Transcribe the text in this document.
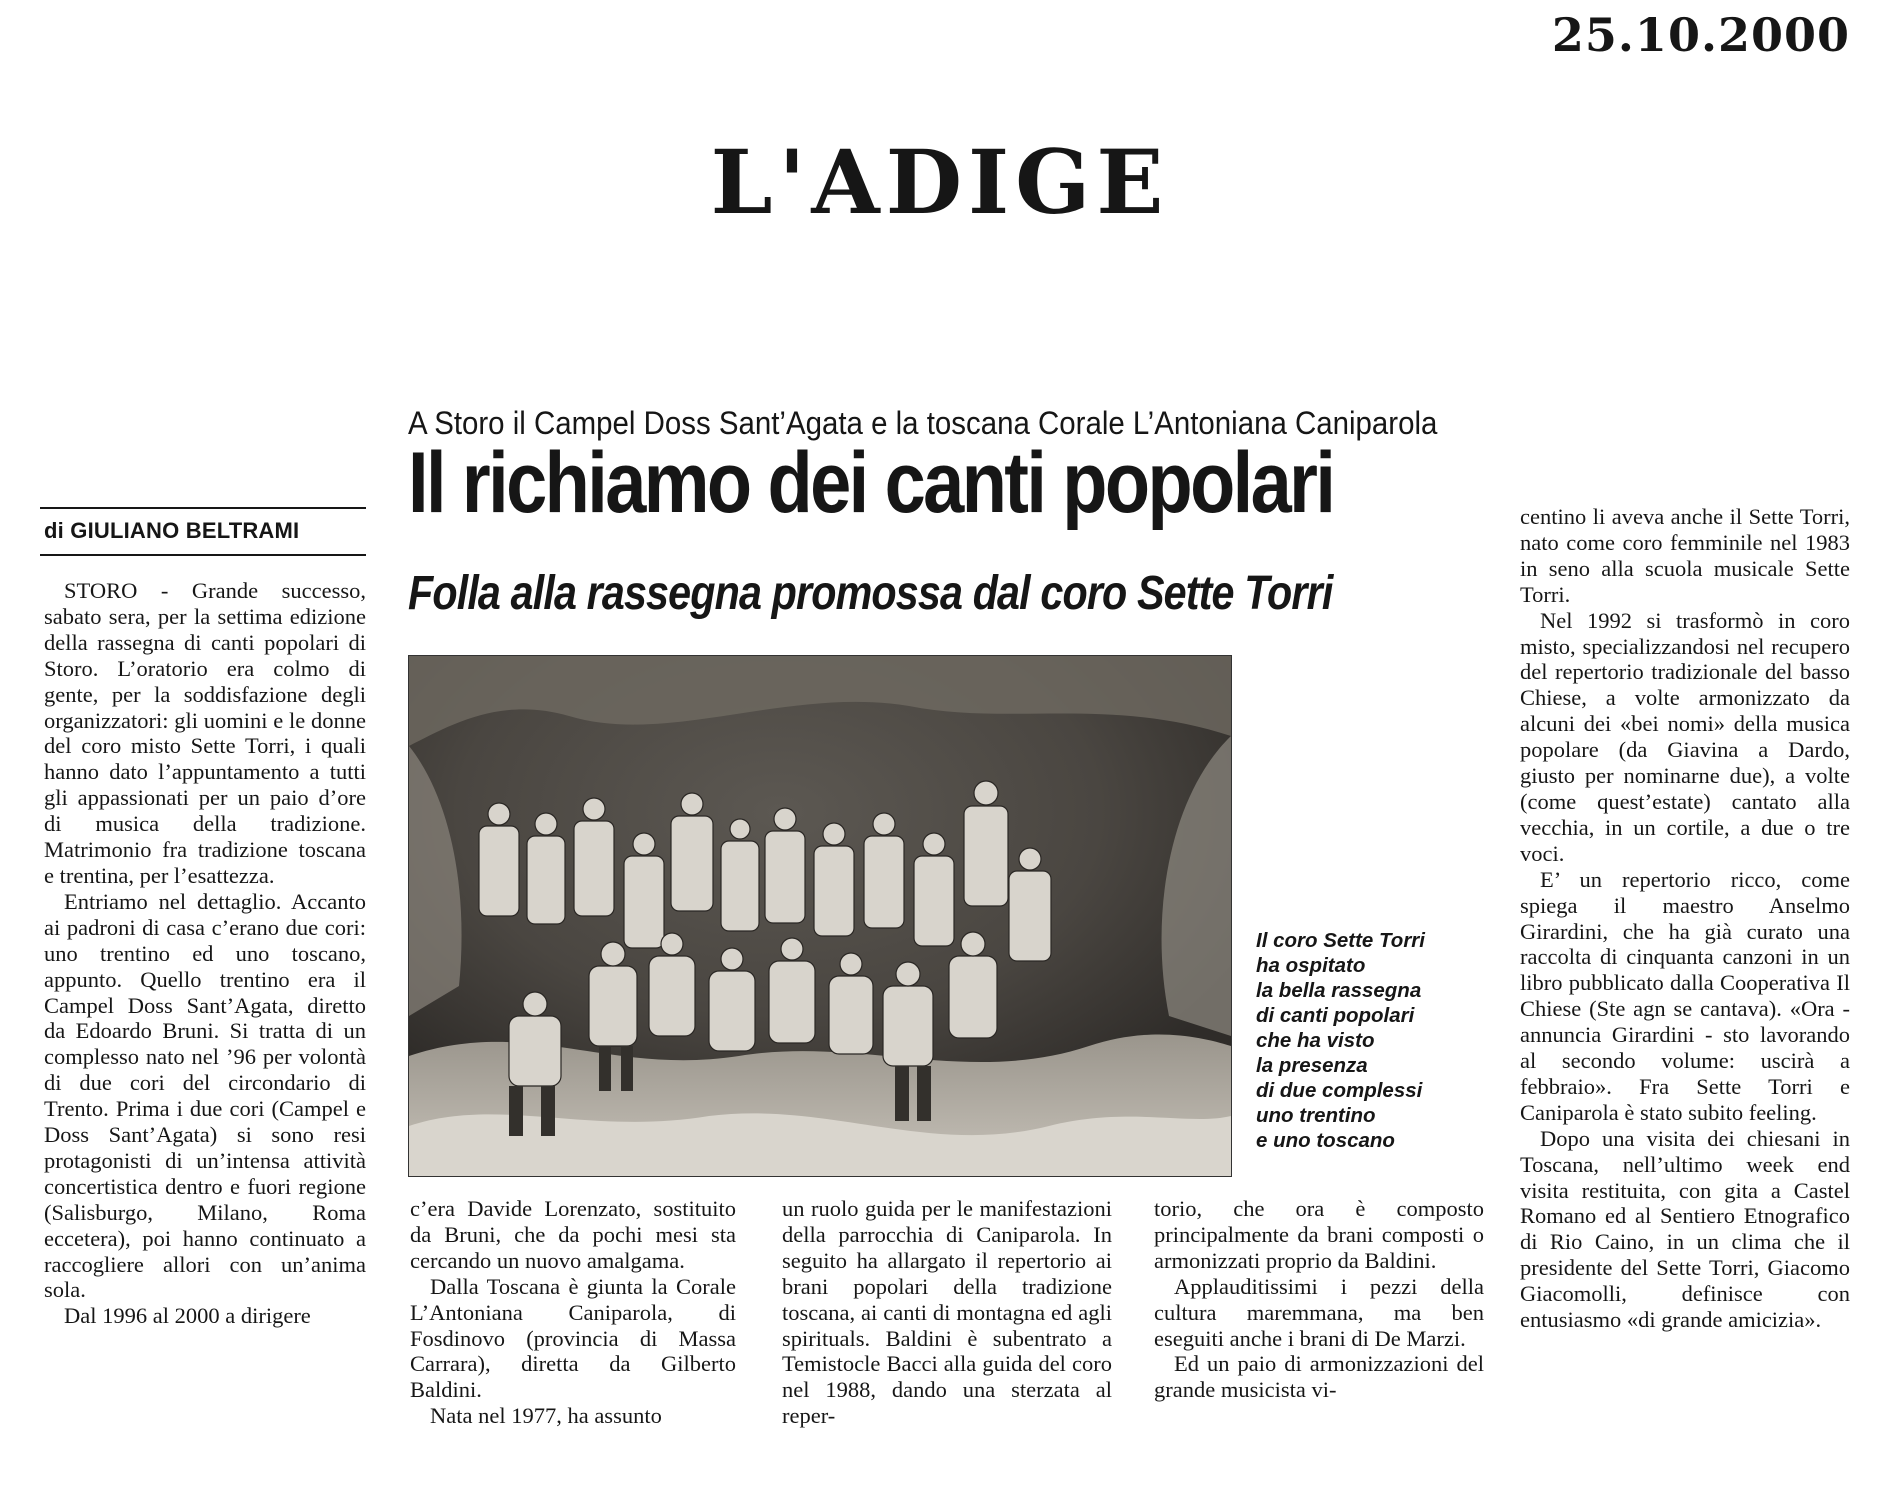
25.10.2000
L'ADIGE
A Storo il Campel Doss Sant’Agata e la toscana Corale L’Antoniana Caniparola
Il richiamo dei canti popolari
Folla alla rassegna promossa dal coro Sette Torri
di GIULIANO BELTRAMI

STORO - Grande successo, sabato sera, per la settima edizione della rassegna di canti popolari di Storo. L’oratorio era colmo di gente, per la soddisfazione degli organizzatori: gli uomini e le donne del coro misto Sette Torri, i quali hanno dato l’appuntamento a tutti gli appassionati per un paio d’ore di musica della tradizione. Matrimonio fra tradizione toscana e trentina, per l’esattezza.

Entriamo nel dettaglio. Accanto ai padroni di casa c’erano due cori: uno trentino ed uno toscano, appunto. Quello trentino era il Campel Doss Sant’Agata, diretto da Edoardo Bruni. Si tratta di un complesso nato nel ’96 per volontà di due cori del circondario di Trento. Prima i due cori (Campel e Doss Sant’Agata) si sono resi protagonisti di un’intensa attività concertistica dentro e fuori regione (Salisburgo, Milano, Roma eccetera), poi hanno continuato a raccogliere allori con un’anima sola.

Dal 1996 al 2000 a dirigere

Il coro Sette Torri

ha ospitato

la bella rassegna

di canti popolari

che ha visto

la presenza

di due complessi

uno trentino

e uno toscano

c’era Davide Lorenzato, sostituito da Bruni, che da pochi mesi sta cercando un nuovo amalgama.

Dalla Toscana è giunta la Corale L’Antoniana Caniparola, di Fosdinovo (provincia di Massa Carrara), diretta da Gilberto Baldini.

Nata nel 1977, ha assunto

un ruolo guida per le manifestazioni della parrocchia di Caniparola. In seguito ha allargato il repertorio ai brani popolari della tradizione toscana, ai canti di montagna ed agli spirituals. Baldini è subentrato a Temistocle Bacci alla guida del coro nel 1988, dando una sterzata al reper-

torio, che ora è composto principalmente da brani composti o armonizzati proprio da Baldini.

Applauditissimi i pezzi della cultura maremmana, ma ben eseguiti anche i brani di De Marzi.

Ed un paio di armonizzazioni del grande musicista vi-

centino li aveva anche il Sette Torri, nato come coro femminile nel 1983 in seno alla scuola musicale Sette Torri.

Nel 1992 si trasformò in coro misto, specializzandosi nel recupero del repertorio tradizionale del basso Chiese, a volte armonizzato da alcuni dei «bei nomi» della musica popolare (da Giavina a Dardo, giusto per nominarne due), a volte (come quest’estate) cantato alla vecchia, in un cortile, a due o tre voci.

E’ un repertorio ricco, come spiega il maestro Anselmo Girardini, che ha già curato una raccolta di cinquanta canzoni in un libro pubblicato dalla Cooperativa Il Chiese (Ste agn se cantava). «Ora - annuncia Girardini - sto lavorando al secondo volume: uscirà a febbraio». Fra Sette Torri e Caniparola è stato subito feeling.

Dopo una visita dei chiesani in Toscana, nell’ultimo week end visita restituita, con gita a Castel Romano ed al Sentiero Etnografico di Rio Caino, in un clima che il presidente del Sette Torri, Giacomo Giacomolli, definisce con entusiasmo «di grande amicizia».
